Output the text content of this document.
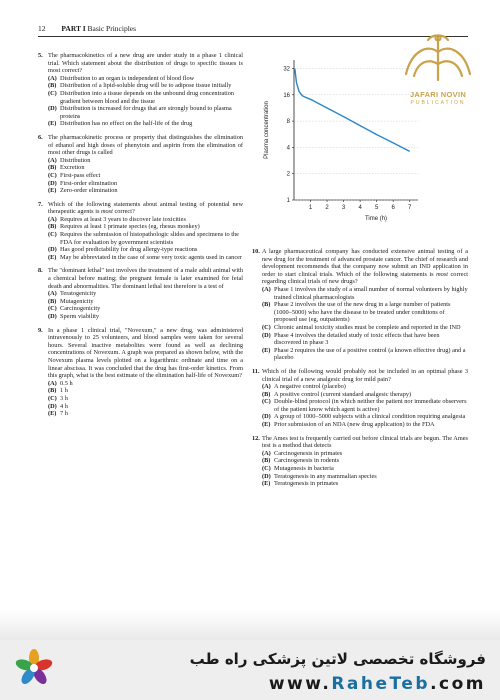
12 PART I Basic Principles
JAFARI NOVIN
PUBLICATION
5. The pharmacokinetics of a new drug are under study in a phase 1 clinical trial. Which statement about the distribution of drugs to specific tissues is most correct?
(A) Distribution to an organ is independent of blood flow
(B) Distribution of a lipid-soluble drug will be to adipose tissue initially
(C) Distribution into a tissue depends on the unbound drug concentration gradient between blood and the tissue
(D) Distribution is increased for drugs that are strongly bound to plasma proteins
(E) Distribution has no effect on the half-life of the drug
6. The pharmacokinetic process or property that distinguishes the elimination of ethanol and high doses of phenytoin and aspirin from the elimination of most other drugs is called
(A) Distribution
(B) Excretion
(C) First-pass effect
(D) First-order elimination
(E) Zero-order elimination
7. Which of the following statements about animal testing of potential new therapeutic agents is most correct?
(A) Requires at least 3 years to discover late toxicities
(B) Requires at least 1 primate species (eg, rhesus monkey)
(C) Requires the submission of histopathologic slides and specimens to the FDA for evaluation by government scientists
(D) Has good predictability for drug allergy-type reactions
(E) May be abbreviated in the case of some very toxic agents used in cancer
8. The "dominant lethal" test involves the treatment of a male adult animal with a chemical before mating; the pregnant female is later examined for fetal death and abnormalities. The dominant lethal test therefore is a test of
(A) Teratogenicity
(B) Mutagenicity
(C) Carcinogenicity
(D) Sperm viability
9. In a phase 1 clinical trial, "Novexum," a new drug, was administered intravenously to 25 volunteers, and blood samples were taken for several hours. Several inactive metabolites were found as well as declining concentrations of Novexum. A graph was prepared as shown below, with the Novexum plasma levels plotted on a logarithmic ordinate and time on a linear abscissa. It was concluded that the drug has first-order kinetics. From this graph, what is the best estimate of the elimination half-life of Novexum?
(A) 0.5 h
(B) 1 h
(C) 3 h
(D) 4 h
(E) 7 h
1
2
4
8
16
32
1 2 3 4 5 6 7
Time (h)
Plasma concentration
10. A large pharmaceutical company has conducted extensive animal testing of a new drug for the treatment of advanced prostate cancer. The chief of research and development recommends that the company now submit an IND application in order to start clinical trials. Which of the following statements is most correct regarding clinical trials of new drugs?
(A) Phase 1 involves the study of a small number of normal volunteers by highly trained clinical pharmacologists
(B) Phase 2 involves the use of the new drug in a large number of patients (1000–5000) who have the disease to be treated under conditions of proposed use (eg, outpatients)
(C) Chronic animal toxicity studies must be complete and reported in the IND
(D) Phase 4 involves the detailed study of toxic effects that have been discovered in phase 3
(E) Phase 2 requires the use of a positive control (a known effective drug) and a placebo
11. Which of the following would probably not be included in an optimal phase 3 clinical trial of a new analgesic drug for mild pain?
(A) A negative control (placebo)
(B) A positive control (current standard analgesic therapy)
(C) Double-blind protocol (in which neither the patient nor immediate observers of the patient know which agent is active)
(D) A group of 1000–5000 subjects with a clinical condition requiring analgesia
(E) Prior submission of an NDA (new drug application) to the FDA
12. The Ames test is frequently carried out before clinical trials are begun. The Ames test is a method that detects
(A) Carcinogenesis in primates
(B) Carcinogenesis in rodents
(C) Mutagenesis in bacteria
(D) Teratogenesis in any mammalian species
(E) Teratogenesis in primates
فروشگاه تخصصی لاتین پزشکی راه طب
www.RaheTeb.com
